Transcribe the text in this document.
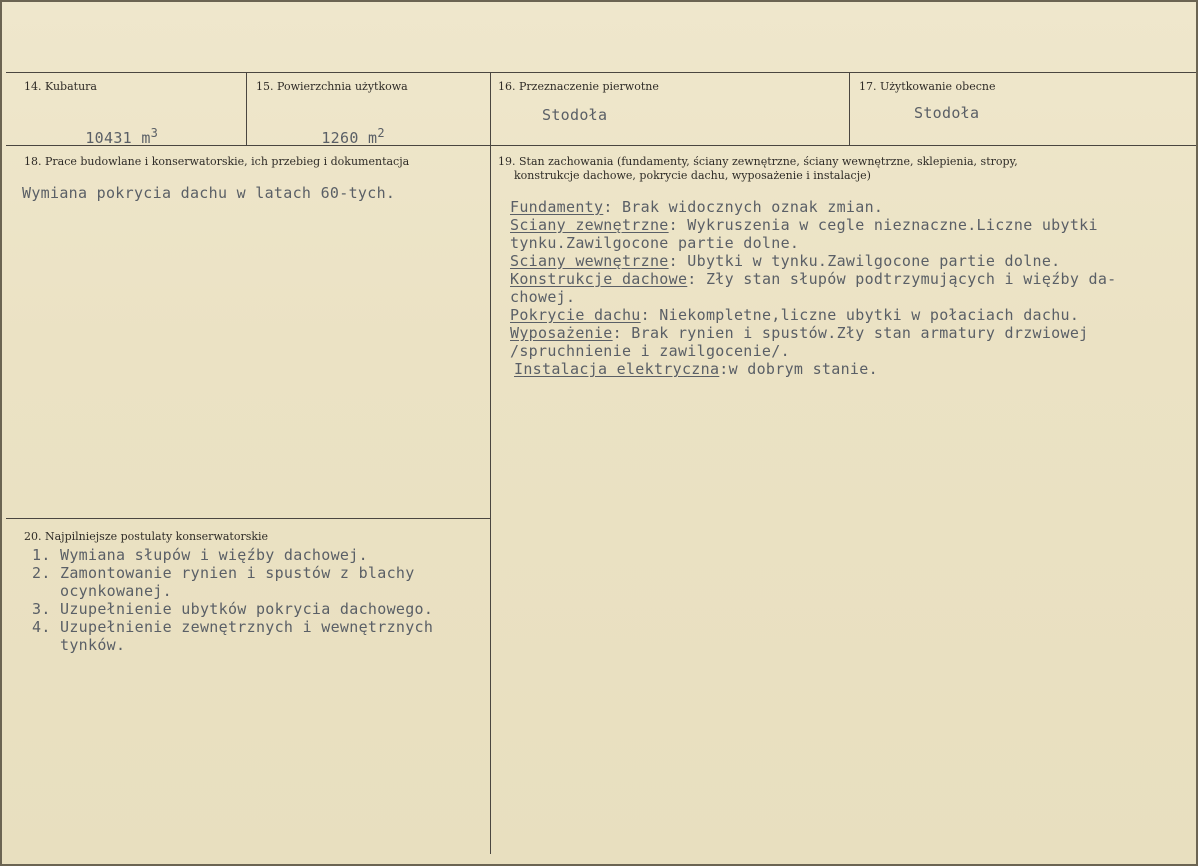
14. Kubatura

10431 $m^3$

15. Powierzchnia użytkowa

1260 $m^2$

16. Przeznaczenie pierwotne
Stodoła
17. Użytkowanie obecne
Stodoła
18. Prace budowlane i konserwatorskie, ich przebieg i dokumentacja
Wymiana pokrycia dachu w latach 60-tych.
19. Stan zachowania (fundamenty, ściany zewnętrzne, ściany wewnętrzne, sklepienia, stropy,
konstrukcje dachowe, pokrycie dachu, wyposażenie i instalacje)
Fundamenty: Brak widocznych oznak zmian.
Sciany zewnętrzne: Wykruszenia w cegle nieznaczne.Liczne ubytki
tynku.Zawilgocone partie dolne.
Sciany wewnętrzne: Ubytki w tynku.Zawilgocone partie dolne.
Konstrukcje dachowe: Zły stan słupów podtrzymujących i więźby da-
chowej.
Pokrycie dachu: Niekompletne,liczne ubytki w połaciach dachu.
Wyposażenie: Brak rynien i spustów.Zły stan armatury drzwiowej
/spruchnienie i zawilgocenie/.
Instalacja elektryczna:w dobrym stanie.
20. Najpilniejsze postulaty konserwatorskie
1. Wymiana słupów i więźby dachowej.
2. Zamontowanie rynien i spustów z blachy
ocynkowanej.
3. Uzupełnienie ubytków pokrycia dachowego.
4. Uzupełnienie zewnętrznych i wewnętrznych
tynków.
